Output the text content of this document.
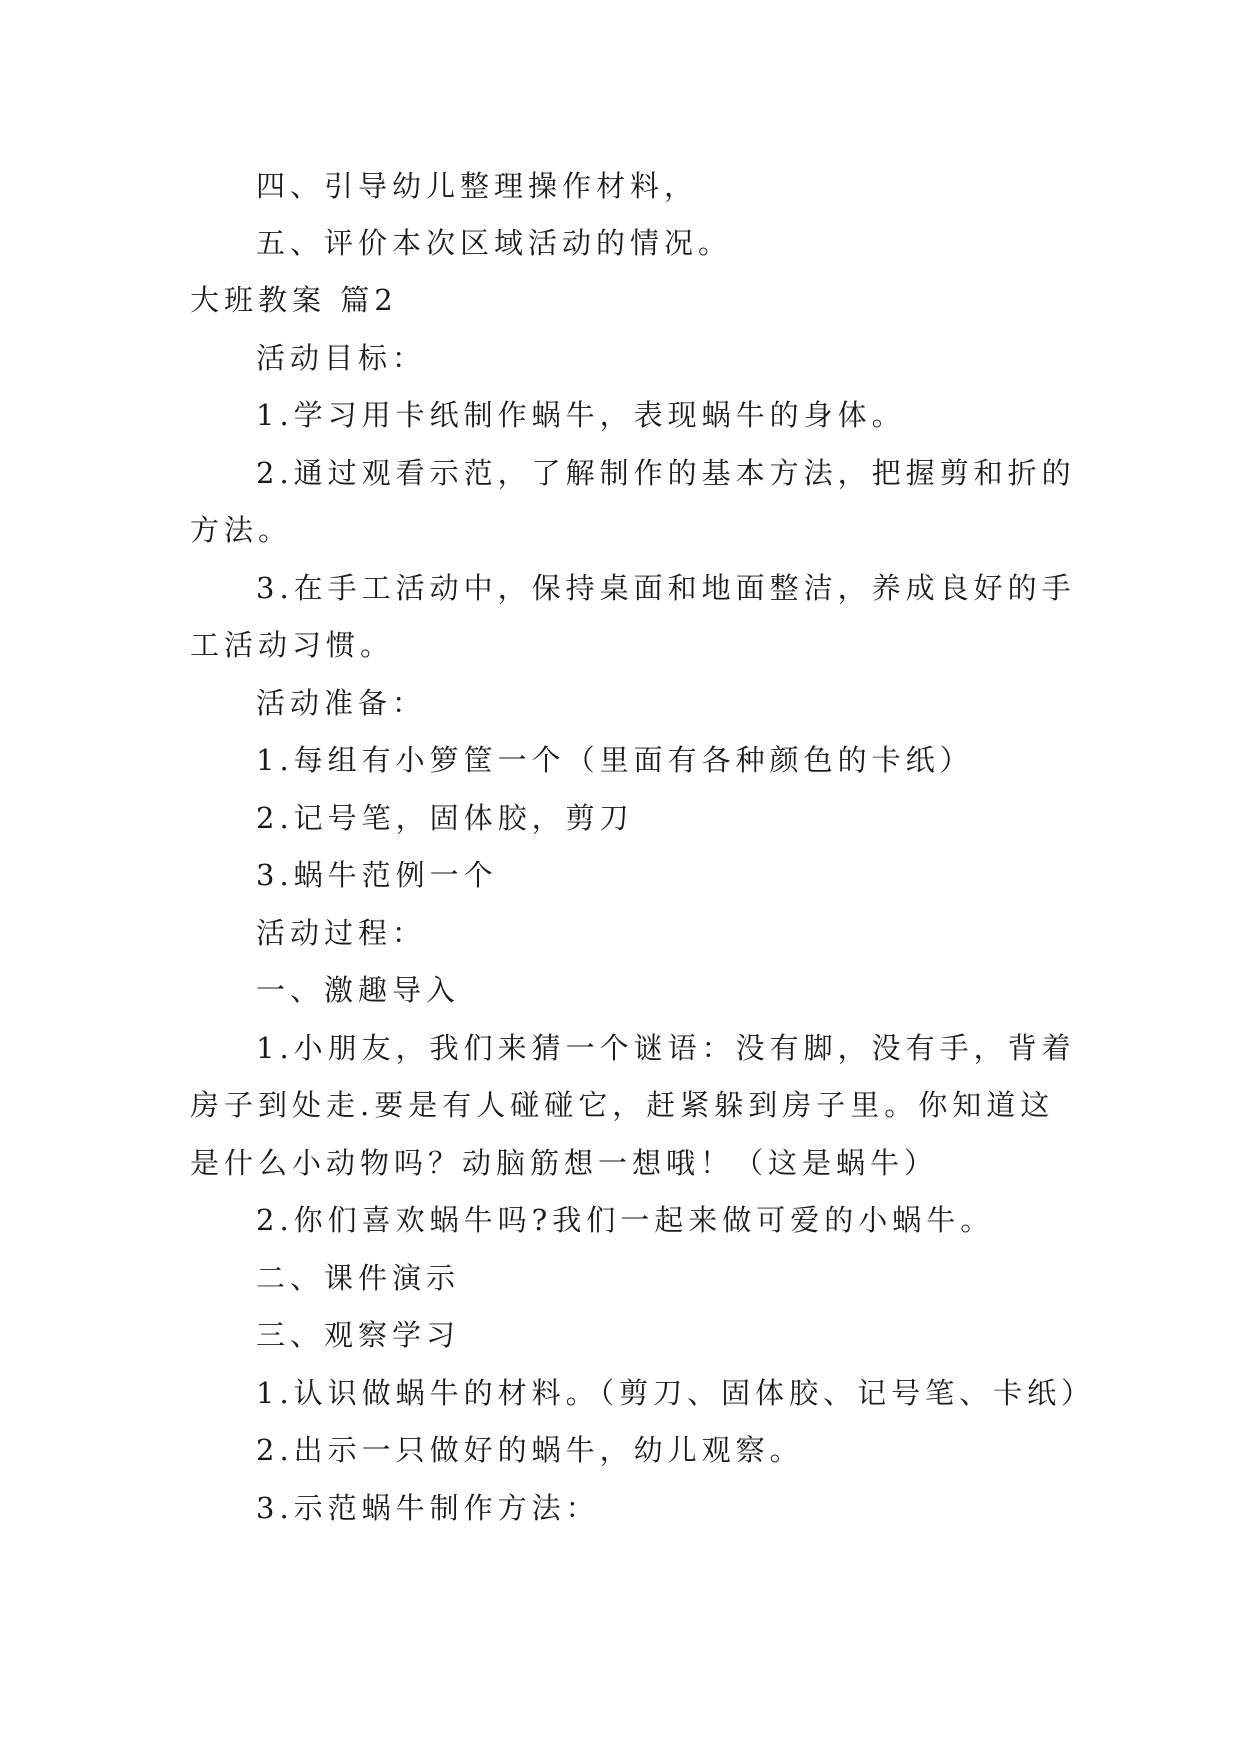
四、引导幼儿整理操作材料，
五、评价本次区域活动的情况。
大班教案 篇2
活动目标：
1.学习用卡纸制作蜗牛，表现蜗牛的身体。
2.通过观看示范，了解制作的基本方法，把握剪和折的
方法。
3.在手工活动中，保持桌面和地面整洁，养成良好的手
工活动习惯。
活动准备：
1.每组有小箩筐一个（里面有各种颜色的卡纸）
2.记号笔，固体胶，剪刀
3.蜗牛范例一个
活动过程：
一、激趣导入
1.小朋友，我们来猜一个谜语：没有脚，没有手，背着
房子到处走.要是有人碰碰它，赶紧躲到房子里。你知道这
是什么小动物吗？动脑筋想一想哦！（这是蜗牛）
2.你们喜欢蜗牛吗?我们一起来做可爱的小蜗牛。
二、课件演示
三、观察学习
1.认识做蜗牛的材料。（剪刀、固体胶、记号笔、卡纸）
2.出示一只做好的蜗牛，幼儿观察。
3.示范蜗牛制作方法：
